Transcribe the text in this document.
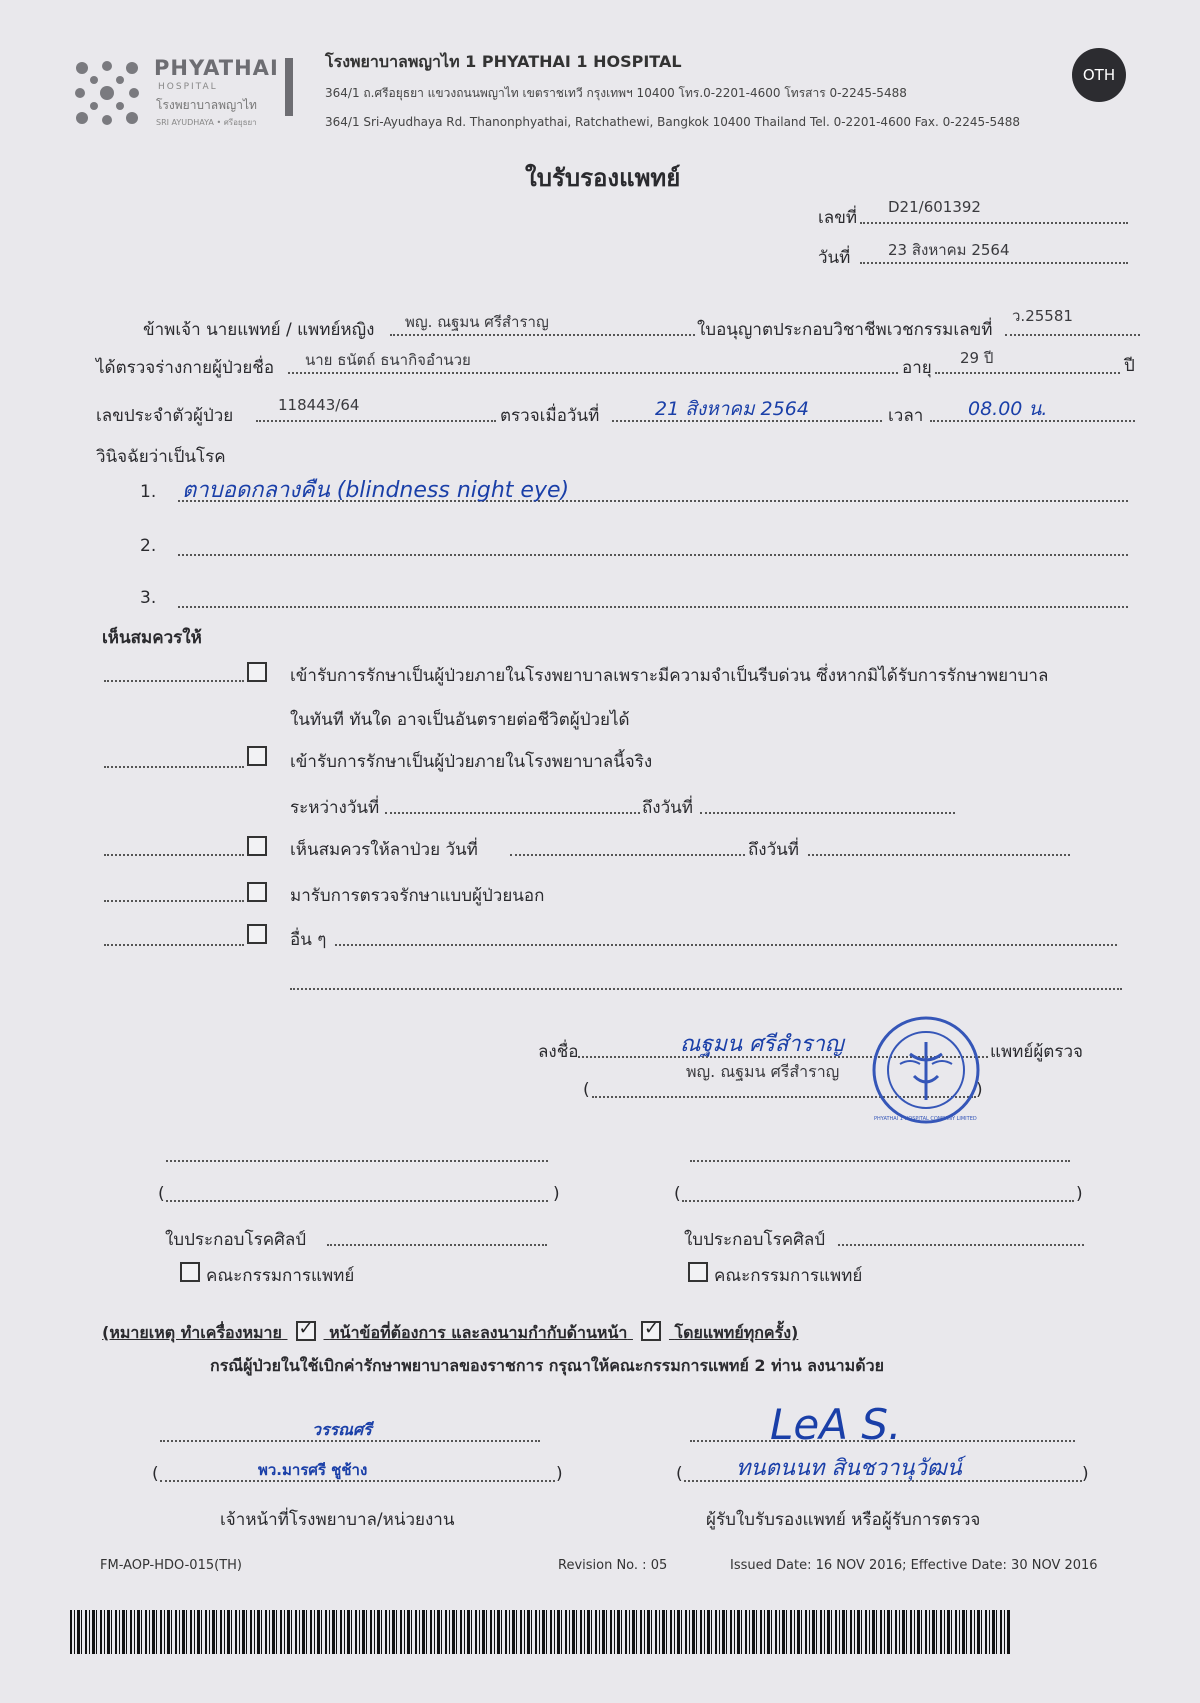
PHYATHAI
HOSPITAL
โรงพยาบาลพญาไท
SRI AYUDHAYA • ศรีอยุธยา
โรงพยาบาลพญาไท 1 PHYATHAI 1 HOSPITAL
364/1 ถ.ศรีอยุธยา แขวงถนนพญาไท เขตราชเทวี กรุงเทพฯ 10400 โทร.0-2201-4600 โทรสาร 0-2245-5488
364/1 Sri-Ayudhaya Rd. Thanonphyathai, Ratchathewi, Bangkok 10400 Thailand Tel. 0-2201-4600 Fax. 0-2245-5488
OTH
ใบรับรองแพทย์
เลขที่
D21/601392
วันที่	23 สิงหาคม 2564
ข้าพเจ้า นายแพทย์ / แพทย์หญิง พญ. ณฐมน ศรีสำราญ	ใบอนุญาตประกอบวิชาชีพเวชกรรมเลขที่
ว.25581
ได้ตรวจร่างกายผู้ป่วยชื่อ นาย ธนัตถ์ ธนากิจอำนวย	อายุ 29 ปี	ปี
เลขประจำตัวผู้ป่วย
118443/64
ตรวจเมื่อวันที่	21 สิงหาคม 2564	เวลา 08.00 น.
วินิจฉัยว่าเป็นโรค
1. ตาบอดกลางคืน (blindness night eye)
2.
3.
เห็นสมควรให้
เข้ารับการรักษาเป็นผู้ป่วยภายในโรงพยาบาลเพราะมีความจำเป็นรีบด่วน ซึ่งหากมิได้รับการรักษาพยาบาล
ในทันที ทันใด อาจเป็นอันตรายต่อชีวิตผู้ป่วยได้
เข้ารับการรักษาเป็นผู้ป่วยภายในโรงพยาบาลนี้จริง
ระหว่างวันที่	ถึงวันที่
เห็นสมควรให้ลาป่วย วันที่	ถึงวันที่
มารับการตรวจรักษาแบบผู้ป่วยนอก
อื่น ๆ
ลงชื่อ	ณฐมน ศรีสำราญ
พญ. ณฐมน ศรีสำราญ
(	)
แพทย์ผู้ตรวจ
PHYATHAI 1 HOSPITAL COMPANY LIMITED
(	)
ใบประกอบโรคศิลป์
คณะกรรมการแพทย์
(	)
ใบประกอบโรคศิลป์
คณะกรรมการแพทย์
(หมายเหตุ ทำเครื่องหมาย ✓	หน้าข้อที่ต้องการ และลงนามกำกับด้านหน้า ✓	โดยแพทย์ทุกครั้ง)
กรณีผู้ป่วยในใช้เบิกค่ารักษาพยาบาลของราชการ กรุณาให้คณะกรรมการแพทย์ 2 ท่าน ลงนามด้วย
วรรณศรี
(	พว.มารศรี ชูช้าง	)
เจ้าหน้าที่โรงพยาบาล/หน่วยงาน
LeA S.
( ทนตนนท สินชวานุวัฒน์	)
ผู้รับใบรับรองแพทย์ หรือผู้รับการตรวจ
FM-AOP-HDO-015(TH)	Revision No. : 05	Issued Date: 16 NOV 2016; Effective Date: 30 NOV 2016
